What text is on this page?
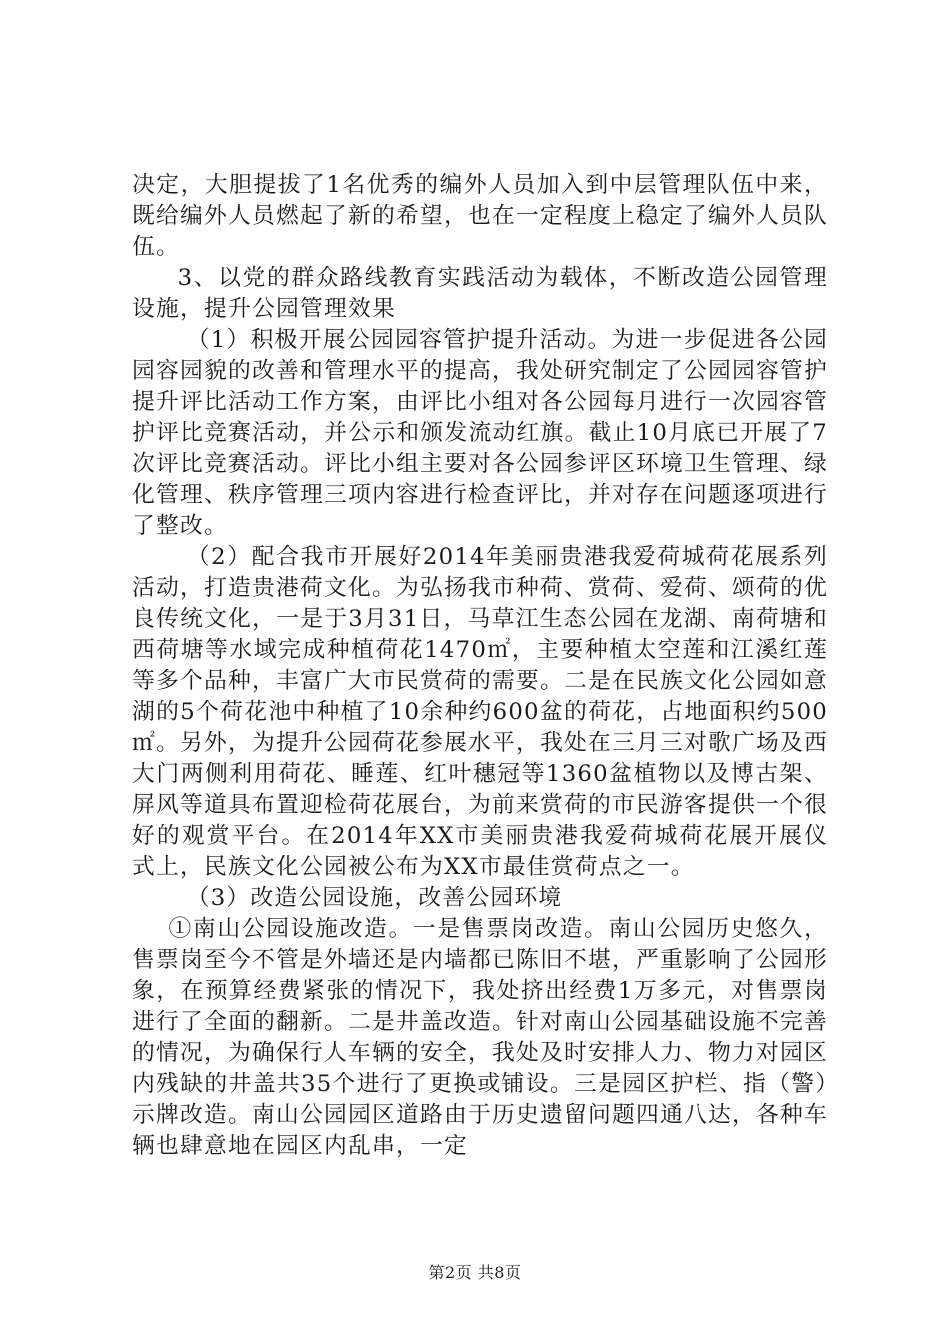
决定，大胆提拔了1名优秀的编外人员加入到中层管理队伍中来，既给编外人员燃起了新的希望，也在一定程度上稳定了编外人员队伍。

3、以党的群众路线教育实践活动为载体，不断改造公园管理设施，提升公园管理效果

（1）积极开展公园园容管护提升活动。为进一步促进各公园园容园貌的改善和管理水平的提高，我处研究制定了公园园容管护提升评比活动工作方案，由评比小组对各公园每月进行一次园容管护评比竞赛活动，并公示和颁发流动红旗。截止10月底已开展了7次评比竞赛活动。评比小组主要对各公园参评区环境卫生管理、绿化管理、秩序管理三项内容进行检查评比，并对存在问题逐项进行了整改。

（2）配合我市开展好2014年美丽贵港我爱荷城荷花展系列活动，打造贵港荷文化。为弘扬我市种荷、赏荷、爱荷、颂荷的优良传统文化，一是于3月31日，马草江生态公园在龙湖、南荷塘和西荷塘等水域完成种植荷花1470㎡，主要种植太空莲和江溪红莲等多个品种，丰富广大市民赏荷的需要。二是在民族文化公园如意湖的5个荷花池中种植了10余种约600盆的荷花，占地面积约500㎡。另外，为提升公园荷花参展水平，我处在三月三对歌广场及西大门两侧利用荷花、睡莲、红叶穗冠等1360盆植物以及博古架、屏风等道具布置迎检荷花展台，为前来赏荷的市民游客提供一个很好的观赏平台。在2014年XX市美丽贵港我爱荷城荷花展开展仪式上，民族文化公园被公布为XX市最佳赏荷点之一。

（3）改造公园设施，改善公园环境

①南山公园设施改造。一是售票岗改造。南山公园历史悠久，售票岗至今不管是外墙还是内墙都已陈旧不堪，严重影响了公园形象，在预算经费紧张的情况下，我处挤出经费1万多元，对售票岗进行了全面的翻新。二是井盖改造。针对南山公园基础设施不完善的情况，为确保行人车辆的安全，我处及时安排人力、物力对园区内残缺的井盖共35个进行了更换或铺设。三是园区护栏、指（警）示牌改造。南山公园园区道路由于历史遗留问题四通八达，各种车辆也肆意地在园区内乱串，一定

第2页 共8页
